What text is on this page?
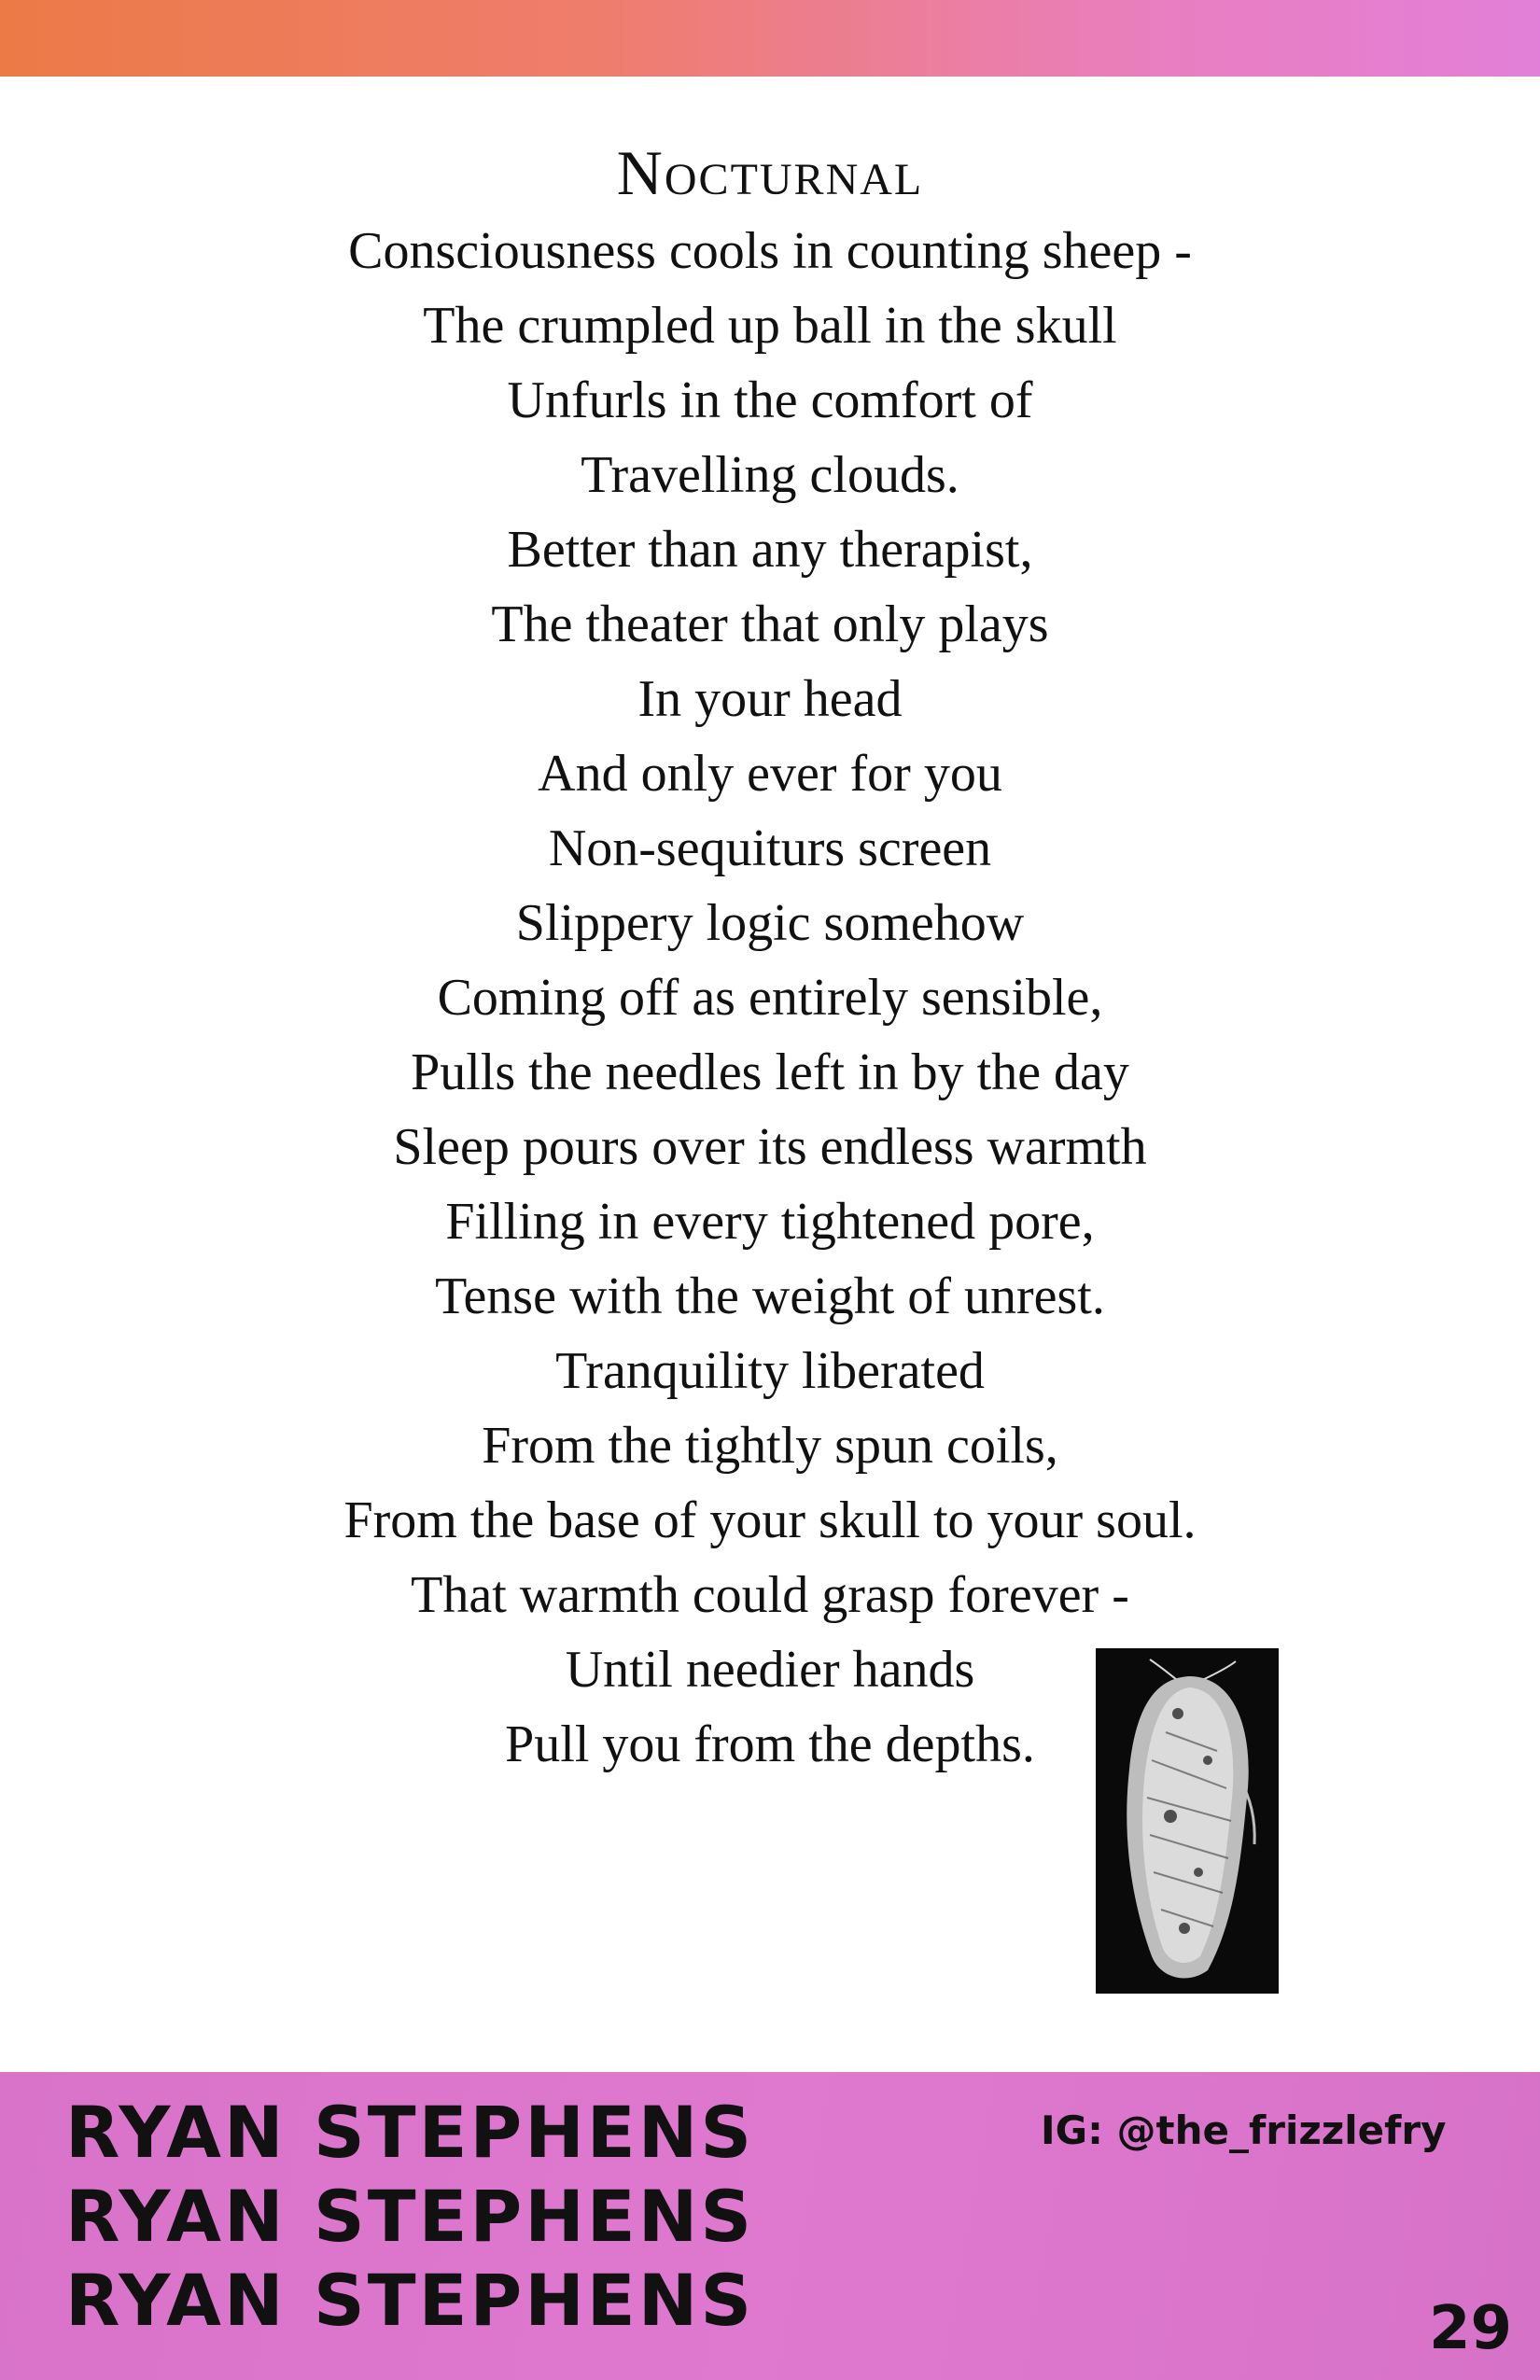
Nocturnal
Consciousness cools in counting sheep -
The crumpled up ball in the skull
Unfurls in the comfort of
Travelling clouds.
Better than any therapist,
The theater that only plays
In your head
And only ever for you
Non-sequiturs screen
Slippery logic somehow
Coming off as entirely sensible,
Pulls the needles left in by the day
Sleep pours over its endless warmth
Filling in every tightened pore,
Tense with the weight of unrest.
Tranquility liberated
From the tightly spun coils,
From the base of your skull to your soul.
That warmth could grasp forever -
Until needier hands
Pull you from the depths.
RYAN STEPHENS
RYAN STEPHENS
RYAN STEPHENS
IG: @the_frizzlefry
29
